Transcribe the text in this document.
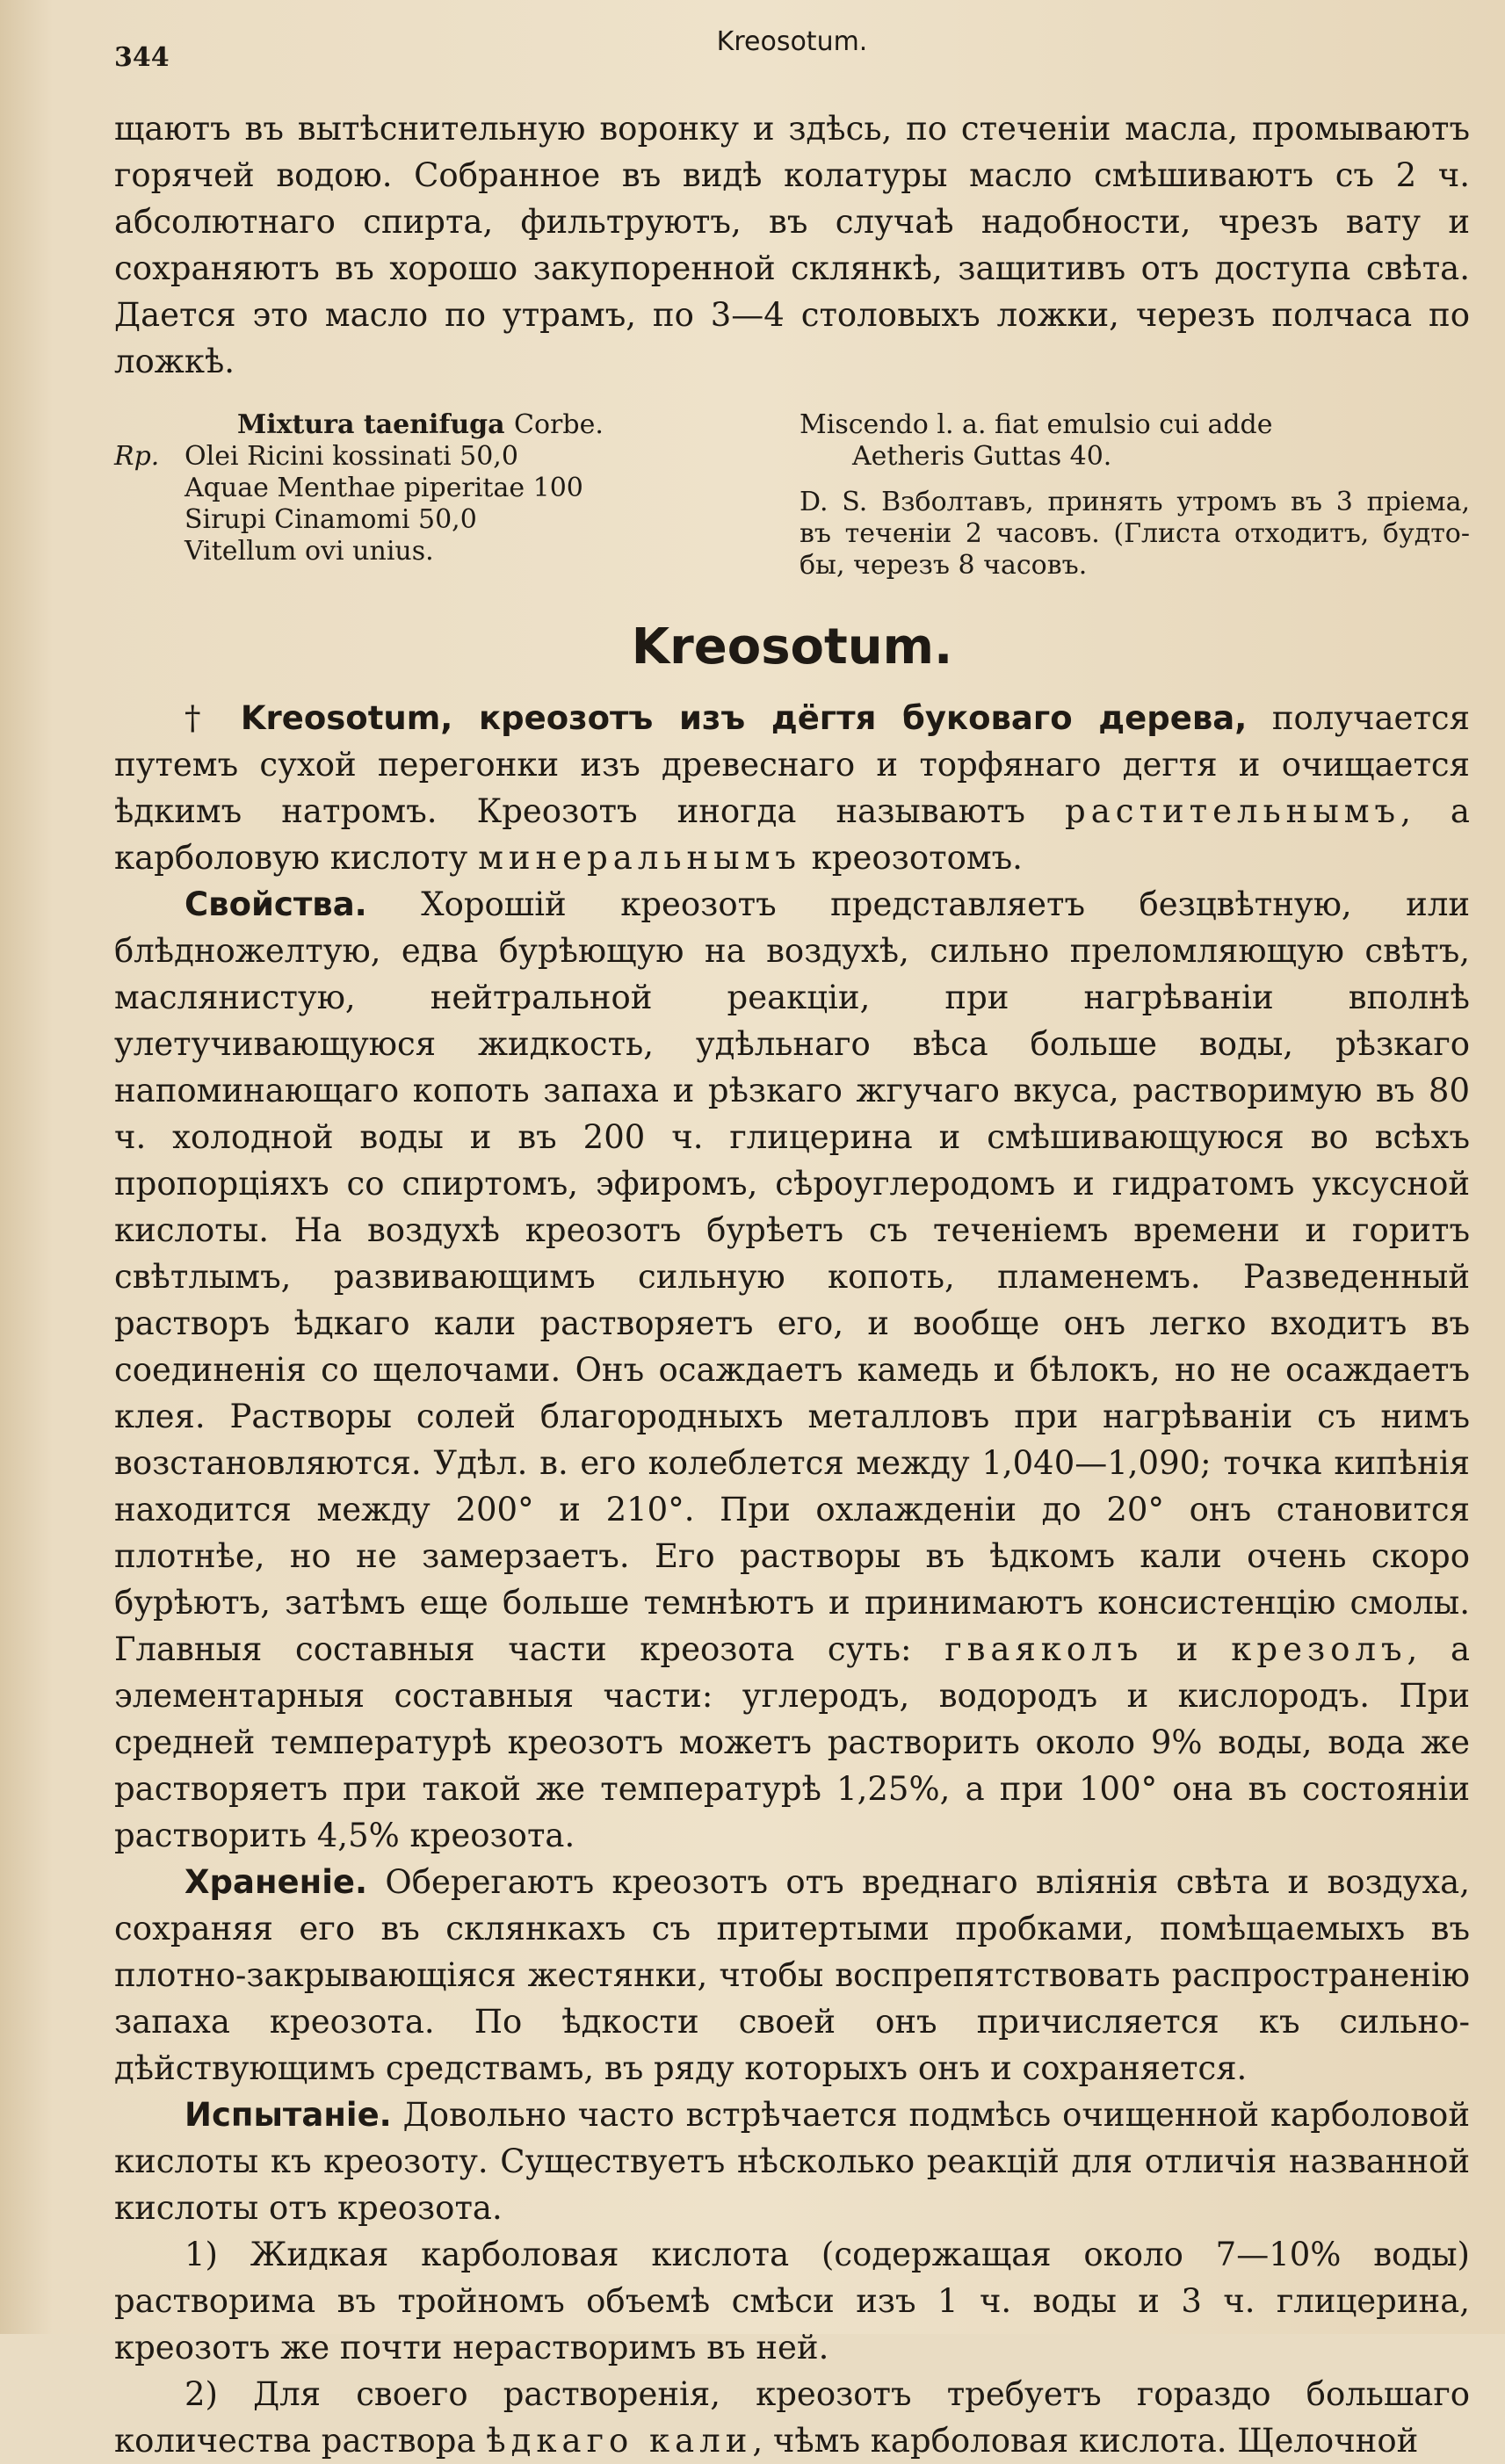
344
Kreosotum.

щаютъ въ вытѣснительную воронку и здѣсь, по стеченіи масла, промываютъ горячей водою. Собранное въ видѣ колатуры масло смѣшиваютъ съ 2 ч. абсолютнаго спирта, фильтруютъ, въ случаѣ надобности, чрезъ вату и сохраняютъ въ хорошо закупоренной склянкѣ, защитивъ отъ доступа свѣта. Дается это масло по утрамъ, по 3—4 столовыхъ ложки, черезъ полчаса по ложкѣ.

Mixtura taenifuga Corbe.
Rp. Olei Ricini kossinati 50,0
Aquae Menthae piperitae 100
Sirupi Cinamomi 50,0
Vitellum ovi unius.
Miscendo l. a. fiat emulsio cui adde
Aetheris Guttas 40.
D. S. Взболтавъ, принять утромъ въ 3 пріема, въ теченіи 2 часовъ. (Глиста отходитъ, будто-бы, черезъ 8 часовъ.
Kreosotum.

† Kreosotum, креозотъ изъ дёгтя буковаго дерева, получается путемъ сухой перегонки изъ древеснаго и торфянаго дегтя и очищается ѣдкимъ натромъ. Креозотъ иногда называютъ растительнымъ, а карболовую кислоту минеральнымъ креозотомъ.

Свойства. Хорошій креозотъ представляетъ безцвѣтную, или блѣдножелтую, едва бурѣющую на воздухѣ, сильно преломляющую свѣтъ, маслянистую, нейтральной реакціи, при нагрѣваніи вполнѣ улетучивающуюся жидкость, удѣльнаго вѣса больше воды, рѣзкаго напоминающаго копоть запаха и рѣзкаго жгучаго вкуса, растворимую въ 80 ч. холодной воды и въ 200 ч. глицерина и смѣшивающуюся во всѣхъ пропорціяхъ со спиртомъ, эфиромъ, сѣроуглеродомъ и гидратомъ уксусной кислоты. На воздухѣ креозотъ бурѣетъ съ теченіемъ времени и горитъ свѣтлымъ, развивающимъ сильную копоть, пламенемъ. Разведенный растворъ ѣдкаго кали растворяетъ его, и вообще онъ легко входитъ въ соединенія со щелочами. Онъ осаждаетъ камедь и бѣлокъ, но не осаждаетъ клея. Растворы солей благородныхъ металловъ при нагрѣваніи съ нимъ возстановляются. Удѣл. в. его колеблется между 1,040—1,090; точка кипѣнія находится между 200° и 210°. При охлажденіи до 20° онъ становится плотнѣе, но не замерзаетъ. Его растворы въ ѣдкомъ кали очень скоро бурѣютъ, затѣмъ еще больше темнѣютъ и принимаютъ консистенцію смолы. Главныя составныя части креозота суть: гваяколъ и крезолъ, а элементарныя составныя части: углеродъ, водородъ и кислородъ. При средней температурѣ креозотъ можетъ растворить около 9% воды, вода же растворяетъ при такой же температурѣ 1,25%, а при 100° она въ состояніи растворить 4,5% креозота.

Храненіе. Оберегаютъ креозотъ отъ вреднаго вліянія свѣта и воздуха, сохраняя его въ склянкахъ съ притертыми пробками, помѣщаемыхъ въ плотно-закрывающіяся жестянки, чтобы воспрепятствовать распространенію запаха креозота. По ѣдкости своей онъ причисляется къ сильно-дѣйствующимъ средствамъ, въ ряду которыхъ онъ и сохраняется.

Испытаніе. Довольно часто встрѣчается подмѣсь очищенной карболовой кислоты къ креозоту. Существуетъ нѣсколько реакцій для отличія названной кислоты отъ креозота.

1) Жидкая карболовая кислота (содержащая около 7—10% воды) растворима въ тройномъ объемѣ смѣси изъ 1 ч. воды и 3 ч. глицерина, креозотъ же почти нерастворимъ въ ней.

2) Для своего растворенія, креозотъ требуетъ гораздо большаго количества раствора ѣдкаго кали, чѣмъ карболовая кислота. Щелочной
